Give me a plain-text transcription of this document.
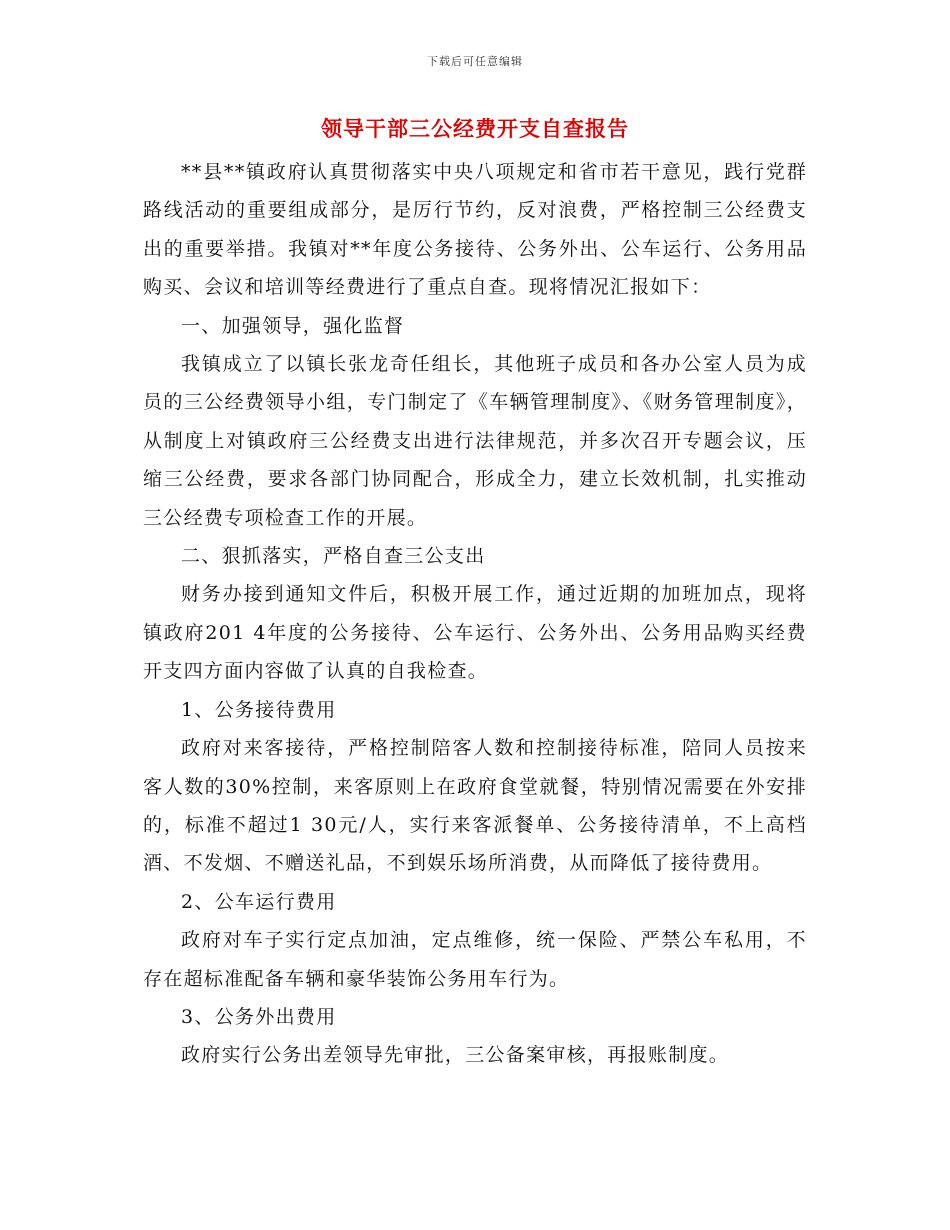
下载后可任意编辑
领导干部三公经费开支自查报告

**县**镇政府认真贯彻落实中央八项规定和省市若干意见，践行党群路线活动的重要组成部分，是厉行节约，反对浪费，严格控制三公经费支出的重要举措。我镇对**年度公务接待、公务外出、公车运行、公务用品购买、会议和培训等经费进行了重点自查。现将情况汇报如下：

一、加强领导，强化监督

我镇成立了以镇长张龙奇任组长，其他班子成员和各办公室人员为成员的三公经费领导小组，专门制定了《车辆管理制度》、《财务管理制度》，从制度上对镇政府三公经费支出进行法律规范，并多次召开专题会议，压缩三公经费，要求各部门协同配合，形成全力，建立长效机制，扎实推动三公经费专项检查工作的开展。

二、狠抓落实，严格自查三公支出

财务办接到通知文件后，积极开展工作，通过近期的加班加点，现将镇政府201 4年度的公务接待、公车运行、公务外出、公务用品购买经费开支四方面内容做了认真的自我检查。

1、公务接待费用

政府对来客接待，严格控制陪客人数和控制接待标准，陪同人员按来客人数的30%控制，来客原则上在政府食堂就餐，特别情况需要在外安排的，标准不超过1 30元/人，实行来客派餐单、公务接待清单，不上高档酒、不发烟、不赠送礼品，不到娱乐场所消费，从而降低了接待费用。

2、公车运行费用

政府对车子实行定点加油，定点维修，统一保险、严禁公车私用，不存在超标准配备车辆和豪华装饰公务用车行为。

3、公务外出费用

政府实行公务出差领导先审批，三公备案审核，再报账制度。
